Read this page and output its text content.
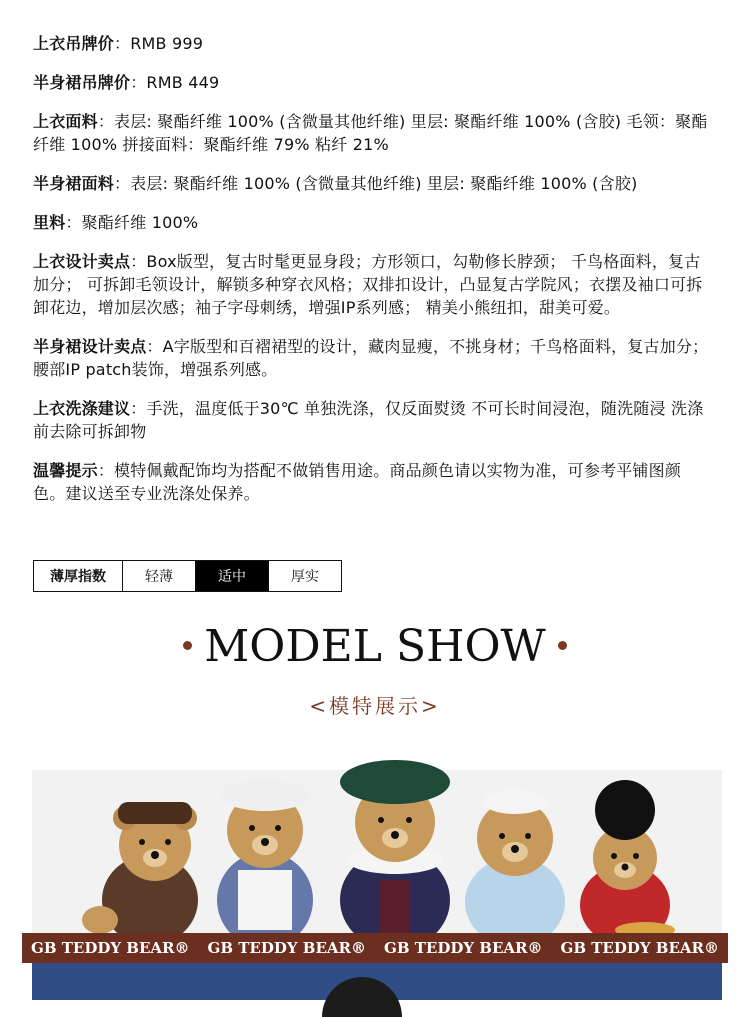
上衣吊牌价：RMB 999

半身裙吊牌价：RMB 449

上衣面料：表层: 聚酯纤维 100% (含微量其他纤维) 里层: 聚酯纤维 100% (含胶) 毛领：聚酯纤维 100% 拼接面料：聚酯纤维 79% 粘纤 21%

半身裙面料：表层: 聚酯纤维 100% (含微量其他纤维) 里层: 聚酯纤维 100% (含胶)

里料：聚酯纤维 100%

上衣设计卖点：Box版型，复古时髦更显身段；方形领口，勾勒修长脖颈； 千鸟格面料，复古加分； 可拆卸毛领设计，解锁多种穿衣风格；双排扣设计，凸显复古学院风；衣摆及袖口可拆卸花边，增加层次感；袖子字母刺绣，增强IP系列感； 精美小熊纽扣，甜美可爱。

半身裙设计卖点：A字版型和百褶裙型的设计，藏肉显瘦，不挑身材；千鸟格面料，复古加分； 腰部IP patch装饰，增强系列感。

上衣洗涤建议：手洗，温度低于30℃ 单独洗涤，仅反面熨烫 不可长时间浸泡，随洗随浸 洗涤前去除可拆卸物

温馨提示：模特佩戴配饰均为搭配不做销售用途。商品颜色请以实物为准，可参考平铺图颜色。建议送至专业洗涤处保养。

薄厚指数	轻薄	适中	厚实
MODEL SHOW
<模特展示>
GB TEDDY BEAR® GB TEDDY BEAR® GB TEDDY BEAR® GB TEDDY BEAR®
